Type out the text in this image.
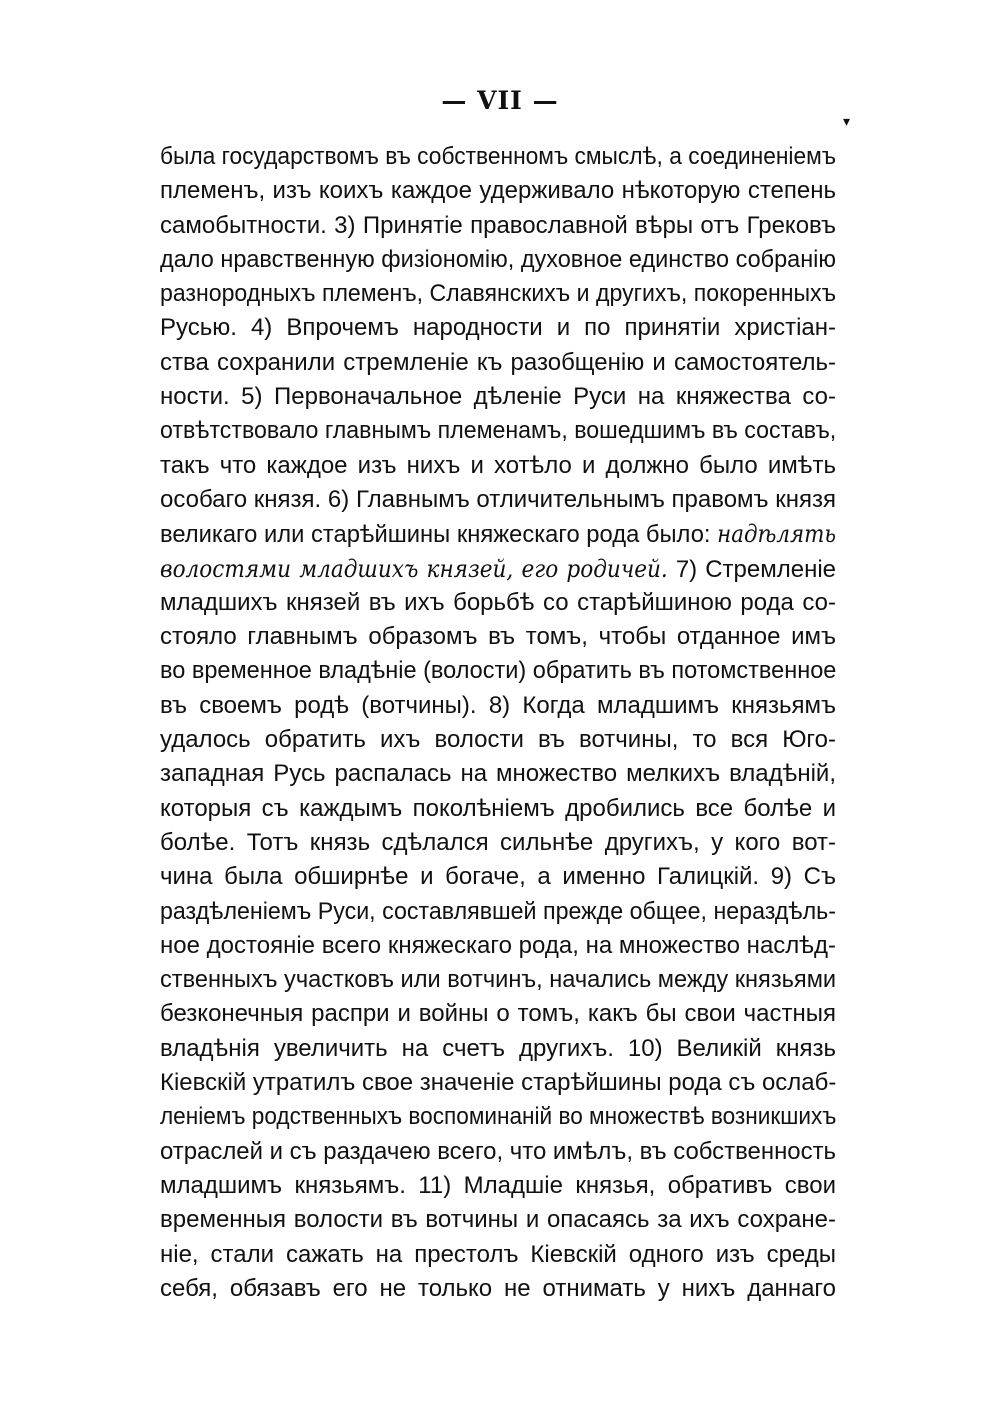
— VII —
▾
была государствомъ въ собственномъ смыслѣ, а соединеніемъ
племенъ, изъ коихъ каждое удерживало нѣкоторую степень
самобытности. 3) Принятіе православной вѣры отъ Грековъ
дало нравственную физіономію, духовное единство собранію
разнородныхъ племенъ, Славянскихъ и другихъ, покоренныхъ
Русью. 4) Впрочемъ народности и по принятіи христіан-
ства сохранили стремленіе къ разобщенію и самостоятель-
ности. 5) Первоначальное дѣленіе Руси на княжества со-
отвѣтствовало главнымъ племенамъ, вошедшимъ въ составъ,
такъ что каждое изъ нихъ и хотѣло и должно было имѣть
особаго князя. 6) Главнымъ отличительнымъ правомъ князя
великаго или старѣйшины княжескаго рода было: надѣлять
волостями младшихъ князей, его родичей. 7) Стремленіе
младшихъ князей въ ихъ борьбѣ со старѣйшиною рода со-
стояло главнымъ образомъ въ томъ, чтобы отданное имъ
во временное владѣніе (волости) обратить въ потомственное
въ своемъ родѣ (вотчины). 8) Когда младшимъ князьямъ
удалось обратить ихъ волости въ вотчины, то вся Юго-
западная Русь распалась на множество мелкихъ владѣній,
которыя съ каждымъ поколѣніемъ дробились все болѣе и
болѣе. Тотъ князь сдѣлался сильнѣе другихъ, у кого вот-
чина была обширнѣе и богаче, а именно Галицкій. 9) Съ
раздѣленіемъ Руси, составлявшей прежде общее, нераздѣль-
ное достояніе всего княжескаго рода, на множество наслѣд-
ственныхъ участковъ или вотчинъ, начались между князьями
безконечныя распри и войны о томъ, какъ бы свои частныя
владѣнія увеличить на счетъ другихъ. 10) Великій князь
Кіевскій утратилъ свое значеніе старѣйшины рода съ ослаб-
леніемъ родственныхъ воспоминаній во множествѣ возникшихъ
отраслей и съ раздачею всего, что имѣлъ, въ собственность
младшимъ князьямъ. 11) Младшіе князья, обративъ свои
временныя волости въ вотчины и опасаясь за ихъ сохране-
ніе, стали сажать на престолъ Кіевскій одного изъ среды
себя, обязавъ его не только не отнимать у нихъ даннаго
